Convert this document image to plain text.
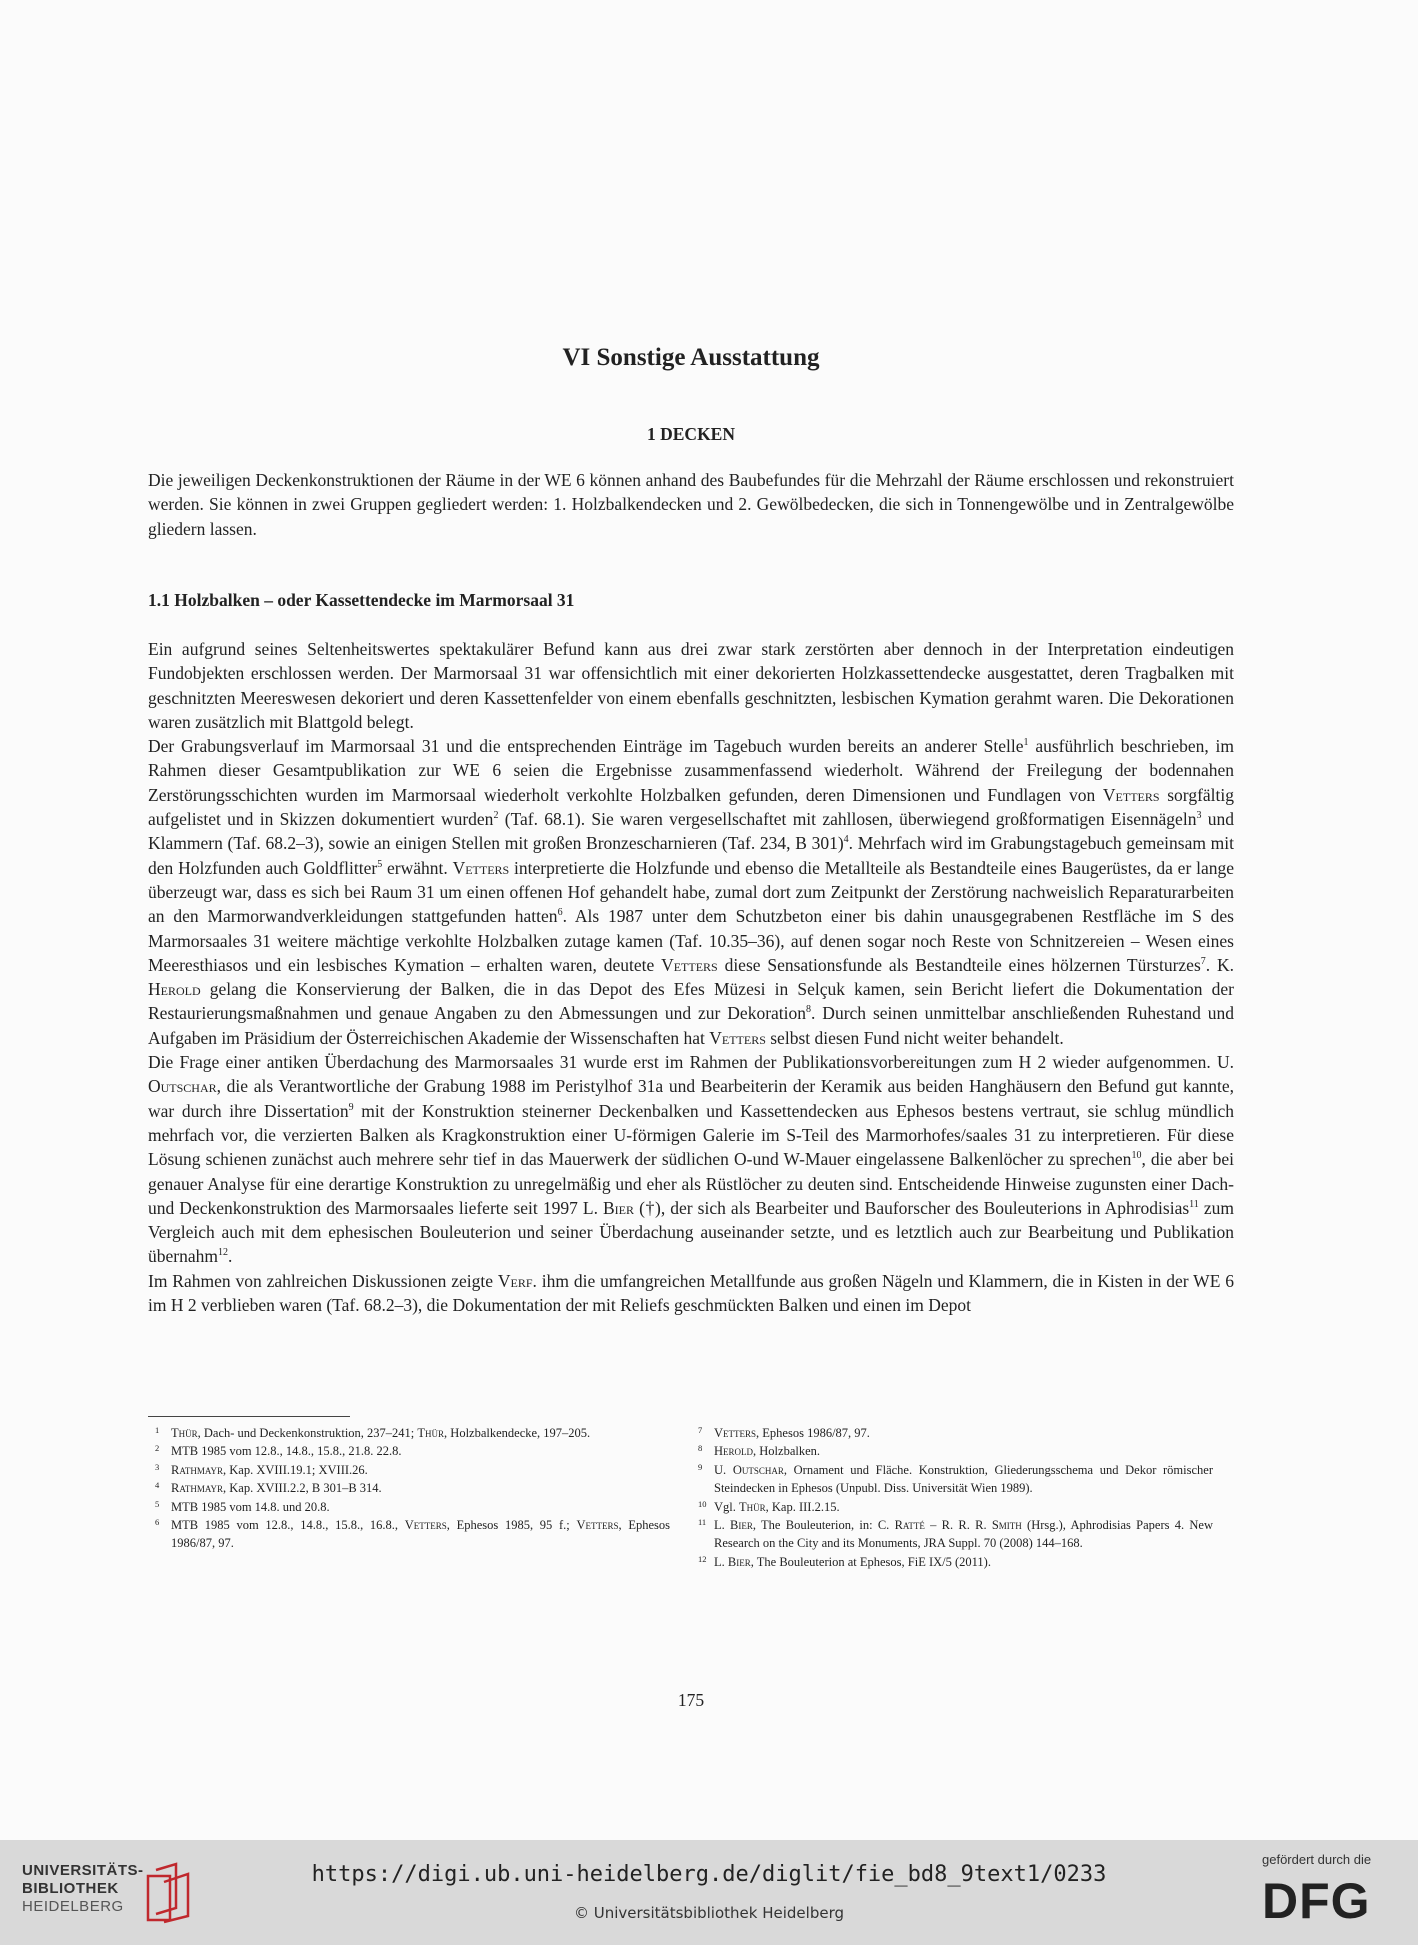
VI Sonstige Ausstattung
1 DECKEN

Die jeweiligen Deckenkonstruktionen der Räume in der WE 6 können anhand des Baubefundes für die Mehrzahl der Räume erschlossen und rekonstruiert werden. Sie können in zwei Gruppen gegliedert werden: 1. Holzbalkendecken und 2. Gewölbedecken, die sich in Tonnengewölbe und in Zentralgewölbe gliedern lassen.

1.1 Holzbalken – oder Kassettendecke im Marmorsaal 31

Ein aufgrund seines Seltenheitswertes spektakulärer Befund kann aus drei zwar stark zerstörten aber dennoch in der Interpretation eindeutigen Fundobjekten erschlossen werden. Der Marmorsaal 31 war offensichtlich mit einer dekorierten Holzkassettendecke ausgestattet, deren Tragbalken mit geschnitzten Meereswesen dekoriert und deren Kassettenfelder von einem ebenfalls geschnitzten, lesbischen Kymation gerahmt waren. Die Dekorationen waren zusätzlich mit Blattgold belegt.

Der Grabungsverlauf im Marmorsaal 31 und die entsprechenden Einträge im Tagebuch wurden bereits an anderer Stelle$^1$ ausführlich beschrieben, im Rahmen dieser Gesamtpublikation zur WE 6 seien die Ergebnisse zusammenfassend wiederholt. Während der Freilegung der bodennahen Zerstörungsschichten wurden im Marmorsaal wiederholt verkohlte Holzbalken gefunden, deren Dimensionen und Fundlagen von Vetters sorgfältig aufgelistet und in Skizzen dokumentiert wurden$^2$ (Taf. 68.1). Sie waren vergesellschaftet mit zahllosen, überwiegend großformatigen Eisennägeln$^3$ und Klammern (Taf. 68.2–3), sowie an einigen Stellen mit großen Bronzescharnieren (Taf. 234, B 301)$^4$. Mehrfach wird im Grabungstagebuch gemeinsam mit den Holzfunden auch Goldflitter$^5$ erwähnt. Vetters interpretierte die Holzfunde und ebenso die Metallteile als Bestandteile eines Baugerüstes, da er lange überzeugt war, dass es sich bei Raum 31 um einen offenen Hof gehandelt habe, zumal dort zum Zeitpunkt der Zerstörung nachweislich Reparaturarbeiten an den Marmorwandverkleidungen stattgefunden hatten$^6$. Als 1987 unter dem Schutzbeton einer bis dahin unausgegrabenen Restfläche im S des Marmorsaales 31 weitere mächtige verkohlte Holzbalken zutage kamen (Taf. 10.35–36), auf denen sogar noch Reste von Schnitzereien – Wesen eines Meeresthiasos und ein lesbisches Kymation – erhalten waren, deutete Vetters diese Sensationsfunde als Bestandteile eines hölzernen Türsturzes$^7$. K. Herold gelang die Konservierung der Balken, die in das Depot des Efes Müzesi in Selçuk kamen, sein Bericht liefert die Dokumentation der Restaurierungsmaßnahmen und genaue Angaben zu den Abmessungen und zur Dekoration$^8$. Durch seinen unmittelbar anschließenden Ruhestand und Aufgaben im Präsidium der Österreichischen Akademie der Wissenschaften hat Vetters selbst diesen Fund nicht weiter behandelt.

Die Frage einer antiken Überdachung des Marmorsaales 31 wurde erst im Rahmen der Publikationsvorbereitungen zum H 2 wieder aufgenommen. U. Outschar, die als Verantwortliche der Grabung 1988 im Peristylhof 31a und Bearbeiterin der Keramik aus beiden Hanghäusern den Befund gut kannte, war durch ihre Dissertation$^9$ mit der Konstruktion steinerner Deckenbalken und Kassettendecken aus Ephesos bestens vertraut, sie schlug mündlich mehrfach vor, die verzierten Balken als Kragkonstruktion einer U-förmigen Galerie im S-Teil des Marmorhofes/saales 31 zu interpretieren. Für diese Lösung schienen zunächst auch mehrere sehr tief in das Mauerwerk der südlichen O-und W-Mauer eingelassene Balkenlöcher zu sprechen$^{10}$, die aber bei genauer Analyse für eine derartige Konstruktion zu unregelmäßig und eher als Rüstlöcher zu deuten sind. Entscheidende Hinweise zugunsten einer Dach- und Deckenkonstruktion des Marmorsaales lieferte seit 1997 L. Bier (†), der sich als Bearbeiter und Bauforscher des Bouleuterions in Aphrodisias$^{11}$ zum Vergleich auch mit dem ephesischen Bouleuterion und seiner Überdachung auseinander setzte, und es letztlich auch zur Bearbeitung und Publikation übernahm$^{12}$.

Im Rahmen von zahlreichen Diskussionen zeigte Verf. ihm die umfangreichen Metallfunde aus großen Nägeln und Klammern, die in Kisten in der WE 6 im H 2 verblieben waren (Taf. 68.2–3), die Dokumentation der mit Reliefs geschmückten Balken und einen im Depot

1 Thür, Dach- und Deckenkonstruktion, 237–241; Thür, Holzbalkendecke, 197–205.

2 MTB 1985 vom 12.8., 14.8., 15.8., 21.8. 22.8.

3 Rathmayr, Kap. XVIII.19.1; XVIII.26.

4 Rathmayr, Kap. XVIII.2.2, B 301–B 314.

5 MTB 1985 vom 14.8. und 20.8.

6 MTB 1985 vom 12.8., 14.8., 15.8., 16.8., Vetters, Ephesos 1985, 95 f.; Vetters, Ephesos 1986/87, 97.

7 Vetters, Ephesos 1986/87, 97.

8 Herold, Holzbalken.

9 U. Outschar, Ornament und Fläche. Konstruktion, Gliederungsschema und Dekor römischer Steindecken in Ephesos (Unpubl. Diss. Universität Wien 1989).

10 Vgl. Thür, Kap. III.2.15.

11 L. Bier, The Bouleuterion, in: C. Ratté – R. R. R. Smith (Hrsg.), Aphrodisias Papers 4. New Research on the City and its Monuments, JRA Suppl. 70 (2008) 144–168.

12 L. Bier, The Bouleuterion at Ephesos, FiE IX/5 (2011).

175

UNIVERSITÄTS-
BIBLIOTHEK
HEIDELBERG
https://digi.ub.uni-heidelberg.de/diglit/fie_bd8_9text1/0233
© Universitätsbibliothek Heidelberg
gefördert durch die
DFG
